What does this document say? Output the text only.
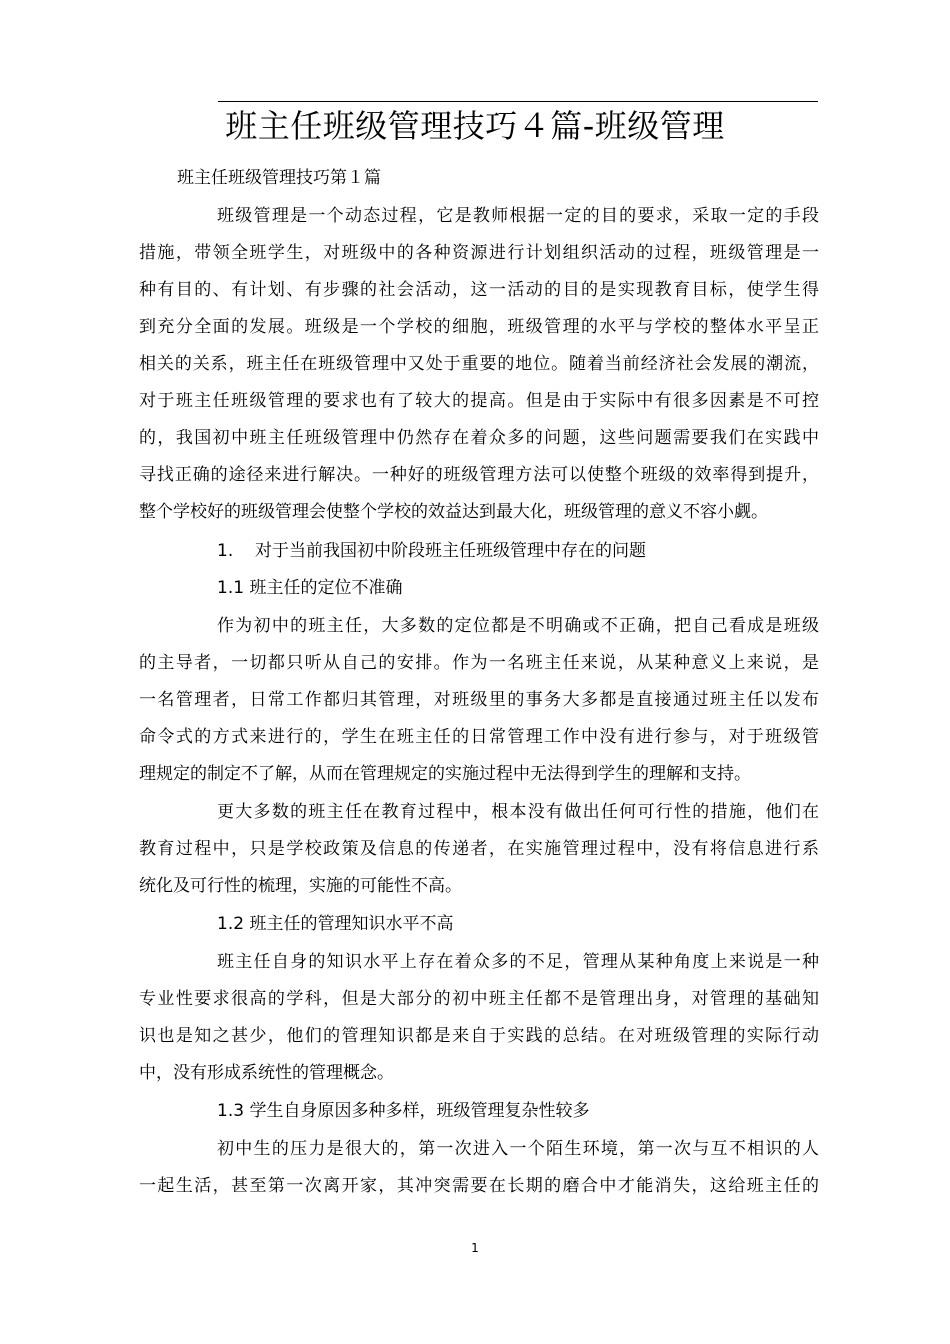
班主任班级管理技巧４篇-班级管理
班主任班级管理技巧第１篇
班级管理是一个动态过程，它是教师根据一定的目的要求，采取一定的手段
措施，带领全班学生，对班级中的各种资源进行计划组织活动的过程，班级管理是一
种有目的、有计划、有步骤的社会活动，这一活动的目的是实现教育目标，使学生得
到充分全面的发展。班级是一个学校的细胞，班级管理的水平与学校的整体水平呈正
相关的关系，班主任在班级管理中又处于重要的地位。随着当前经济社会发展的潮流，
对于班主任班级管理的要求也有了较大的提高。但是由于实际中有很多因素是不可控
的，我国初中班主任班级管理中仍然存在着众多的问题，这些问题需要我们在实践中
寻找正确的途径来进行解决。一种好的班级管理方法可以使整个班级的效率得到提升，
整个学校好的班级管理会使整个学校的效益达到最大化，班级管理的意义不容小觑。
1. 对于当前我国初中阶段班主任班级管理中存在的问题
1.1 班主任的定位不准确
作为初中的班主任，大多数的定位都是不明确或不正确，把自己看成是班级
的主导者，一切都只听从自己的安排。作为一名班主任来说，从某种意义上来说，是
一名管理者，日常工作都归其管理，对班级里的事务大多都是直接通过班主任以发布
命令式的方式来进行的，学生在班主任的日常管理工作中没有进行参与，对于班级管
理规定的制定不了解，从而在管理规定的实施过程中无法得到学生的理解和支持。
更大多数的班主任在教育过程中，根本没有做出任何可行性的措施，他们在
教育过程中，只是学校政策及信息的传递者，在实施管理过程中，没有将信息进行系
统化及可行性的梳理，实施的可能性不高。
1.2 班主任的管理知识水平不高
班主任自身的知识水平上存在着众多的不足，管理从某种角度上来说是一种
专业性要求很高的学科，但是大部分的初中班主任都不是管理出身，对管理的基础知
识也是知之甚少，他们的管理知识都是来自于实践的总结。在对班级管理的实际行动
中，没有形成系统性的管理概念。
1.3 学生自身原因多种多样，班级管理复杂性较多
初中生的压力是很大的，第一次进入一个陌生环境，第一次与互不相识的人
一起生活，甚至第一次离开家，其冲突需要在长期的磨合中才能消失，这给班主任的
1
